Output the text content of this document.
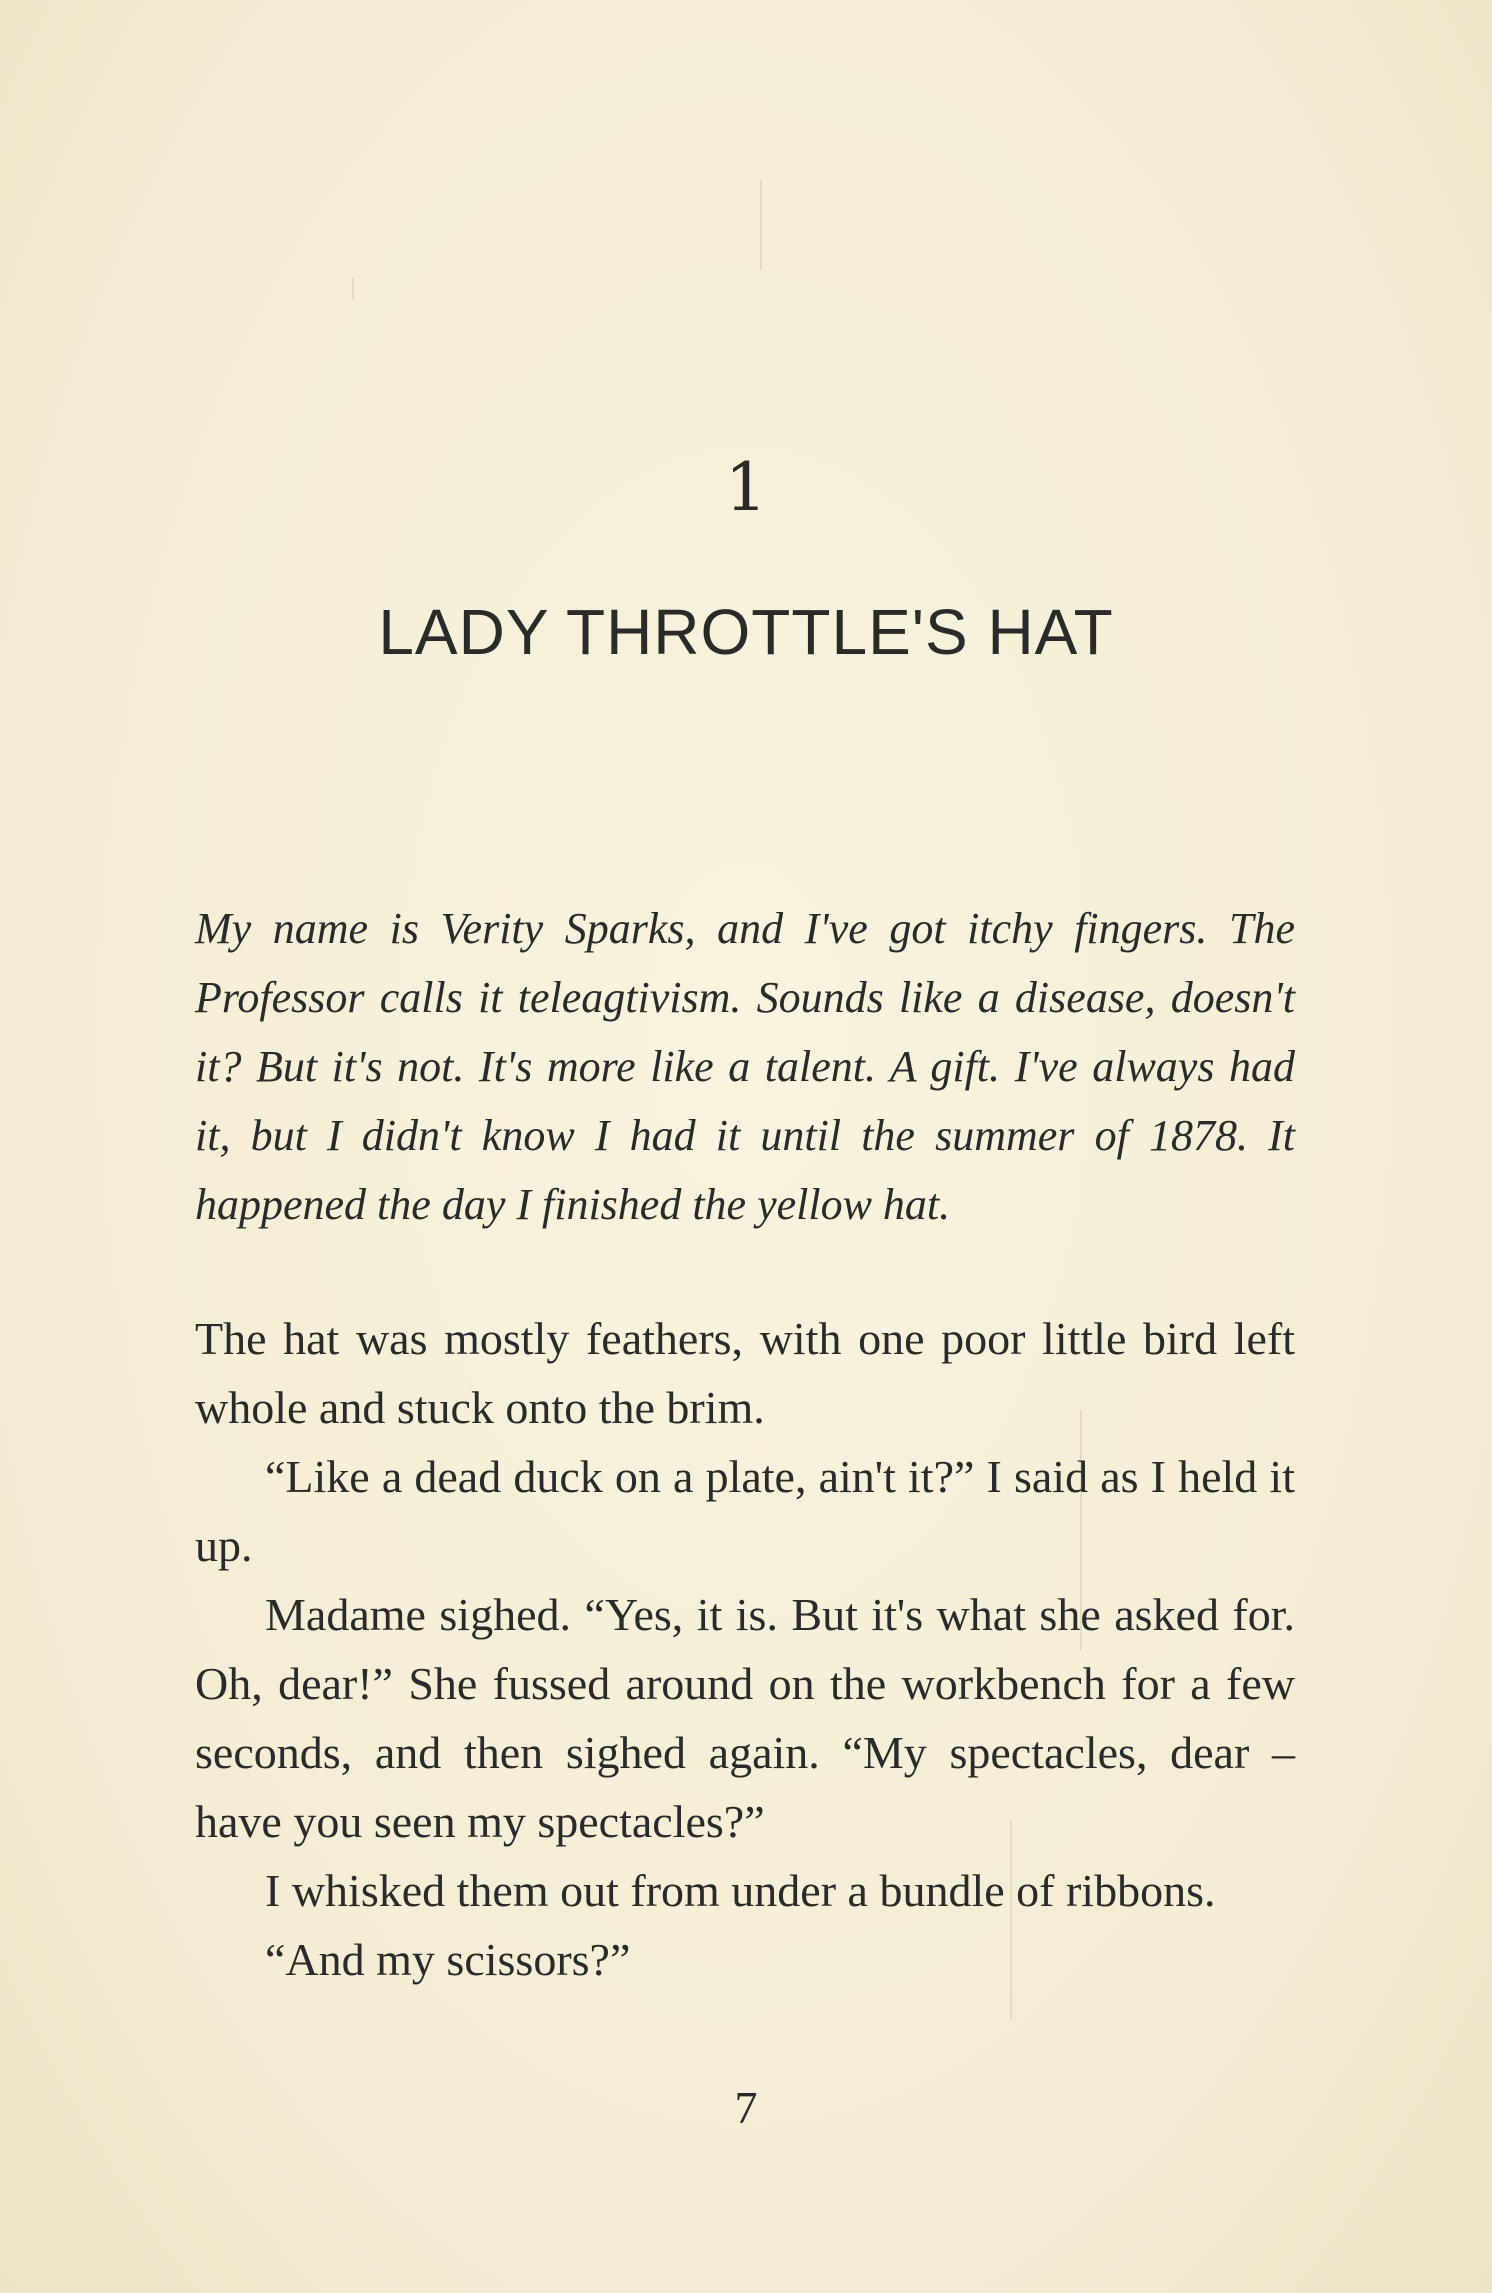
1
LADY THROTTLE'S HAT
My name is Verity Sparks, and I've got itchy fingers. The Professor calls it teleagtivism. Sounds like a disease, doesn't it? But it's not. It's more like a talent. A gift. I've always had it, but I didn't know I had it until the summer of 1878. It happened the day I finished the yellow hat.

The hat was mostly feathers, with one poor little bird left whole and stuck onto the brim.

“Like a dead duck on a plate, ain't it?” I said as I held it up.

Madame sighed. “Yes, it is. But it's what she asked for. Oh, dear!” She fussed around on the workbench for a few seconds, and then sighed again. “My spectacles, dear – have you seen my spectacles?”

I whisked them out from under a bundle of ribbons.

“And my scissors?”

7
